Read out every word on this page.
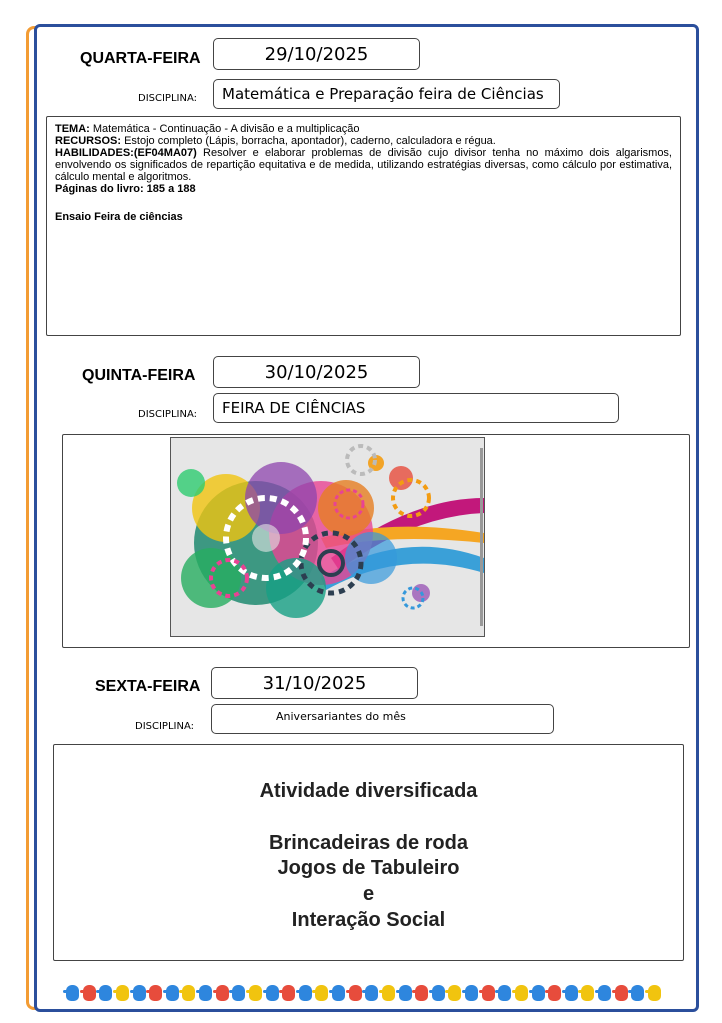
QUARTA-FEIRA	29/10/2025
DISCIPLINA:	Matemática e Preparação feira de Ciências
TEMA: Matemática - Continuação - A divisão e a multiplicação
RECURSOS: Estojo completo (Lápis, borracha, apontador), caderno, calculadora e régua.
HABILIDADES:(EF04MA07) Resolver e elaborar problemas de divisão cujo divisor tenha no máximo dois algarismos, envolvendo os significados de repartição equitativa e de medida, utilizando estratégias diversas, como cálculo por estimativa, cálculo mental e algoritmos.
Páginas do livro: 185 a 188
Ensaio Feira de ciências
QUINTA-FEIRA	30/10/2025
DISCIPLINA:	FEIRA DE CIÊNCIAS
SEXTA-FEIRA	31/10/2025
DISCIPLINA:
Aniversariantes do mês
Atividade diversificada
Brincadeiras de roda
Jogos de Tabuleiro
e
Interação Social
